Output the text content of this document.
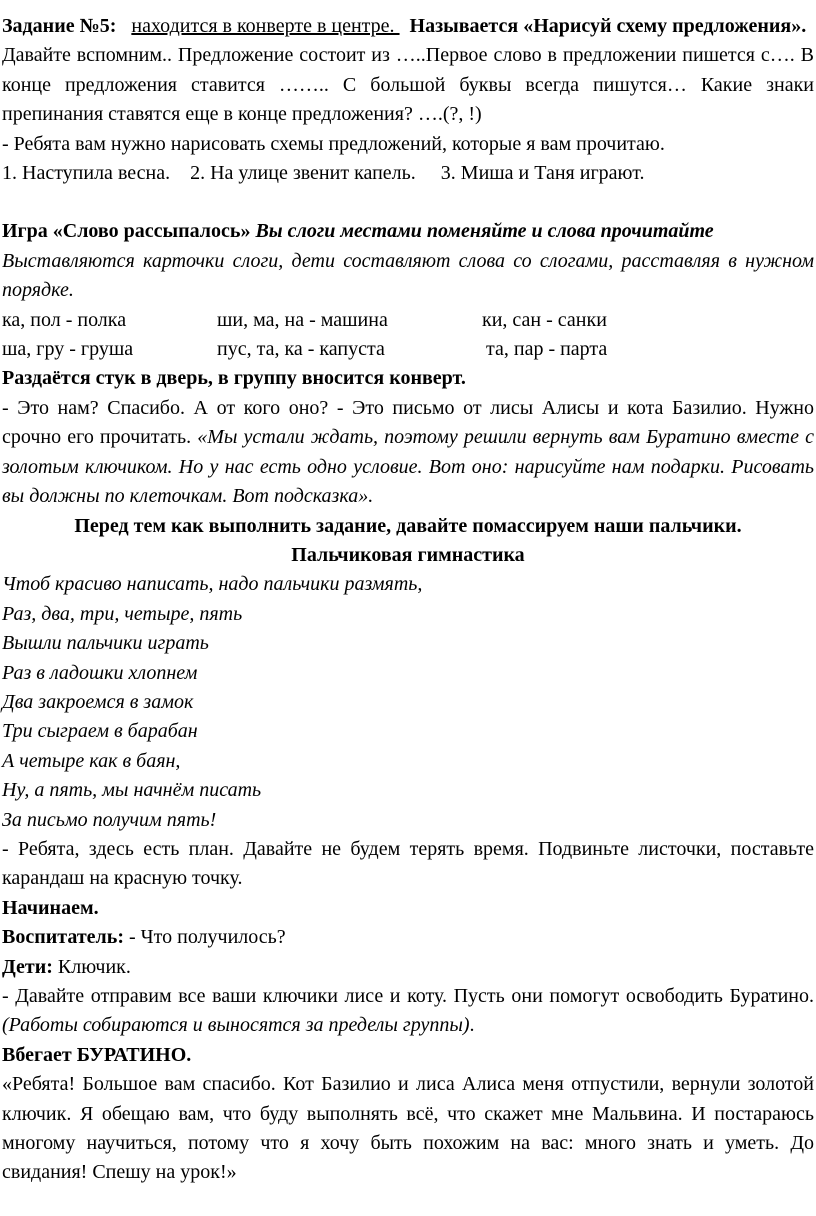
Задание №5: находится в конверте в центре.   Называется «Нарисуй схему предложения».

Давайте вспомним.. Предложение состоит из …..Первое слово в предложении пишется с…. В конце предложения ставится …….. С большой буквы всегда пишутся… Какие знаки препинания ставятся еще в конце предложения? ….(?, !)

- Ребята вам нужно нарисовать схемы предложений, которые я вам прочитаю.

1. Наступила весна. 2. На улице звенит капель. 3. Миша и Таня играют.

Игра «Слово рассыпалось» Вы слоги местами поменяйте и слова прочитайте

Выставляются карточки слоги, дети составляют слова со слогами, расставляя в нужном порядке.

ка, пол - полка	ши, ма, на - машина	ки, сан - санки
ша, гру - груша	пус, та, ка - капуста	та, пар - парта

Раздаётся стук в дверь, в группу вносится конверт.

- Это нам? Спасибо. А от кого оно? - Это письмо от лисы Алисы и кота Базилио. Нужно срочно его прочитать. «Мы устали ждать, поэтому решили вернуть вам Буратино вместе с золотым ключиком. Но у нас есть одно условие. Вот оно: нарисуйте нам подарки. Рисовать вы должны по клеточкам. Вот подсказка».

Перед тем как выполнить задание, давайте помассируем наши пальчики.

Пальчиковая гимнастика

Чтоб красиво написать, надо пальчики размять,

Раз, два, три, четыре, пять

Вышли пальчики играть

Раз в ладошки хлопнем

Два закроемся в замок

Три сыграем в барабан

А четыре как в баян,

Ну, а пять, мы начнём писать

За письмо получим пять!

- Ребята, здесь есть план. Давайте не будем терять время. Подвиньте листочки, поставьте карандаш на красную точку.

Начинаем.

Воспитатель: - Что получилось?

Дети: Ключик.

- Давайте отправим все ваши ключики лисе и коту. Пусть они помогут освободить Буратино. (Работы собираются и выносятся за пределы группы).

Вбегает БУРАТИНО.

«Ребята! Большое вам спасибо. Кот Базилио и лиса Алиса меня отпустили, вернули золотой ключик. Я обещаю вам, что буду выполнять всё, что скажет мне Мальвина. И постараюсь многому научиться, потому что я хочу быть похожим на вас: много знать и уметь. До свидания! Спешу на урок!»
